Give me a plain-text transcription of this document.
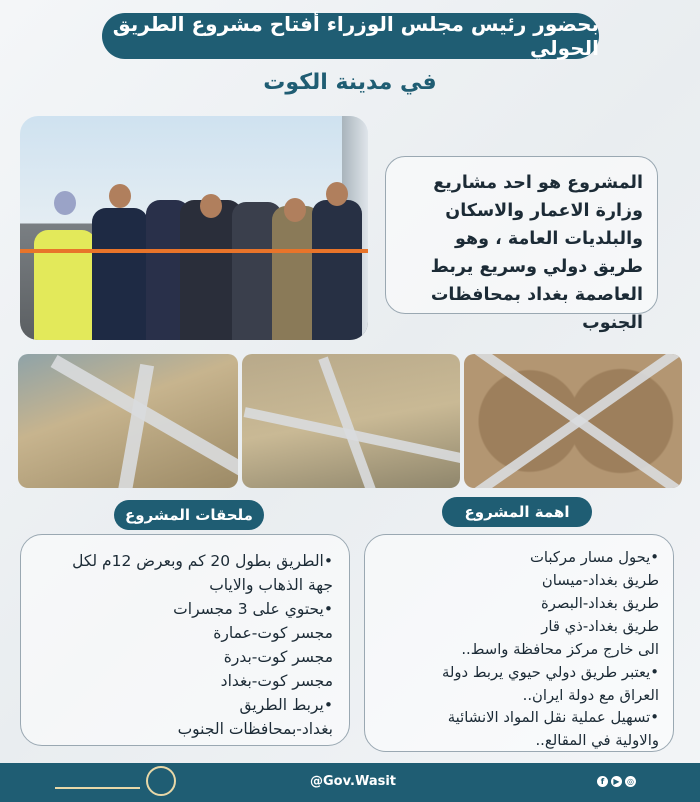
بحضور رئيس مجلس الوزراء أفتاح مشروع الطريق الحولي
في مدينة الكوت
المشروع هو احد مشاريع وزارة الاعمار والاسكان والبلديات العامة ، وهو طريق دولي وسريع يربط العاصمة بغداد بمحافظات الجنوب
ملحقات المشروع	اهمة المشروع
•الطريق بطول 20 كم وبعرض 12م لكل
جهة الذهاب والاياب
•يحتوي على 3 مجسرات
مجسر كوت-عمارة
مجسر كوت-بدرة
مجسر كوت-بغداد
•يربط الطريق
بغداد-بمحافظات الجنوب
•يحول مسار مركبات
طريق بغداد-ميسان
طريق بغداد-البصرة
طريق بغداد-ذي قار
الى خارج مركز محافظة واسط..
•يعتبر طريق دولي حيوي يربط دولة
العراق مع دولة ايران..
•تسهيل عملية نقل المواد الانشائية
والاولية في المقالع..
@Gov.Wasit	f	▶ ◎
